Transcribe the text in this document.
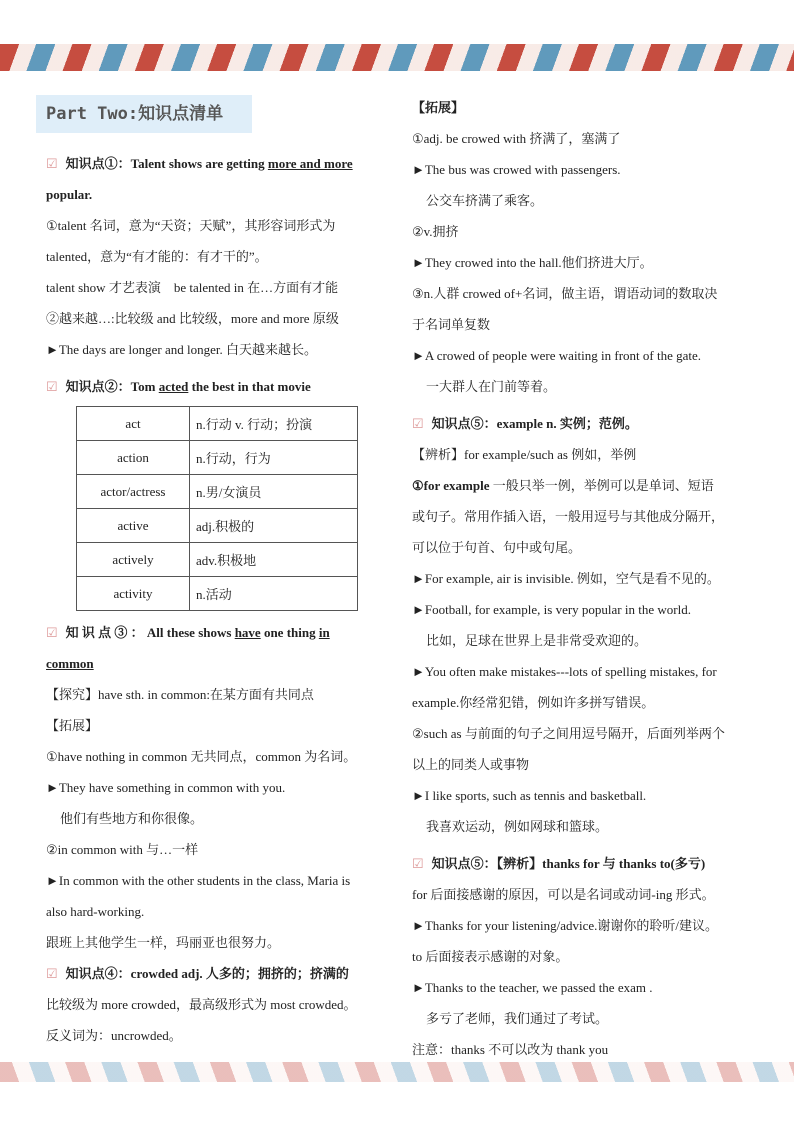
Part Two:知识点清单
☑ 知识点①：Talent shows are getting more and more
popular.
①talent 名词，意为“天资；天赋”，其形容词形式为
talented，意为“有才能的：有才干的”。
talent show 才艺表演　be talented in 在…方面有才能
②越来越…:比较级 and 比较级，more and more 原级
►The days are longer and longer. 白天越来越长。
☑ 知识点②：Tom acted the best in that movie
act	n.行动 v. 行动；扮演
action	n.行动，行为
actor/actress	n.男/女演员
active	adj.积极的
actively	adv.积极地
activity	n.活动
☑ 知 识 点 ③ ： All these shows have one thing in
common
【探究】have sth. in common:在某方面有共同点
【拓展】
①have nothing in common 无共同点，common 为名词。
►They have something in common with you.
他们有些地方和你很像。
②in common with 与…一样
►In common with the other students in the class, Maria is
also hard-working.
跟班上其他学生一样，玛丽亚也很努力。
☑ 知识点④：crowded adj. 人多的；拥挤的；挤满的
比较级为 more crowded，最高级形式为 most crowded。
反义词为：uncrowded。
【拓展】
①adj. be crowed with 挤满了，塞满了
►The bus was crowed with passengers.
公交车挤满了乘客。
②v.拥挤
►They crowed into the hall.他们挤进大厅。
③n.人群 crowed of+名词，做主语，谓语动词的数取决
于名词单复数
►A crowed of people were waiting in front of the gate.
一大群人在门前等着。
☑ 知识点⑤：example n. 实例；范例。
【辨析】for example/such as 例如，举例
①for example 一般只举一例，举例可以是单词、短语
或句子。常用作插入语，一般用逗号与其他成分隔开，
可以位于句首、句中或句尾。
►For example, air is invisible. 例如，空气是看不见的。
►Football, for example, is very popular in the world.
比如，足球在世界上是非常受欢迎的。
►You often make mistakes---lots of spelling mistakes, for
example.你经常犯错，例如许多拼写错误。
②such as 与前面的句子之间用逗号隔开，后面列举两个
以上的同类人或事物
►I like sports, such as tennis and basketball.
我喜欢运动，例如网球和篮球。
☑ 知识点⑤：【辨析】thanks for 与 thanks to(多亏)
for 后面接感谢的原因，可以是名词或动词-ing 形式。
►Thanks for your listening/advice.谢谢你的聆听/建议。
to 后面接表示感谢的对象。
►Thanks to the teacher, we passed the exam .
多亏了老师，我们通过了考试。
注意：thanks 不可以改为 thank you
